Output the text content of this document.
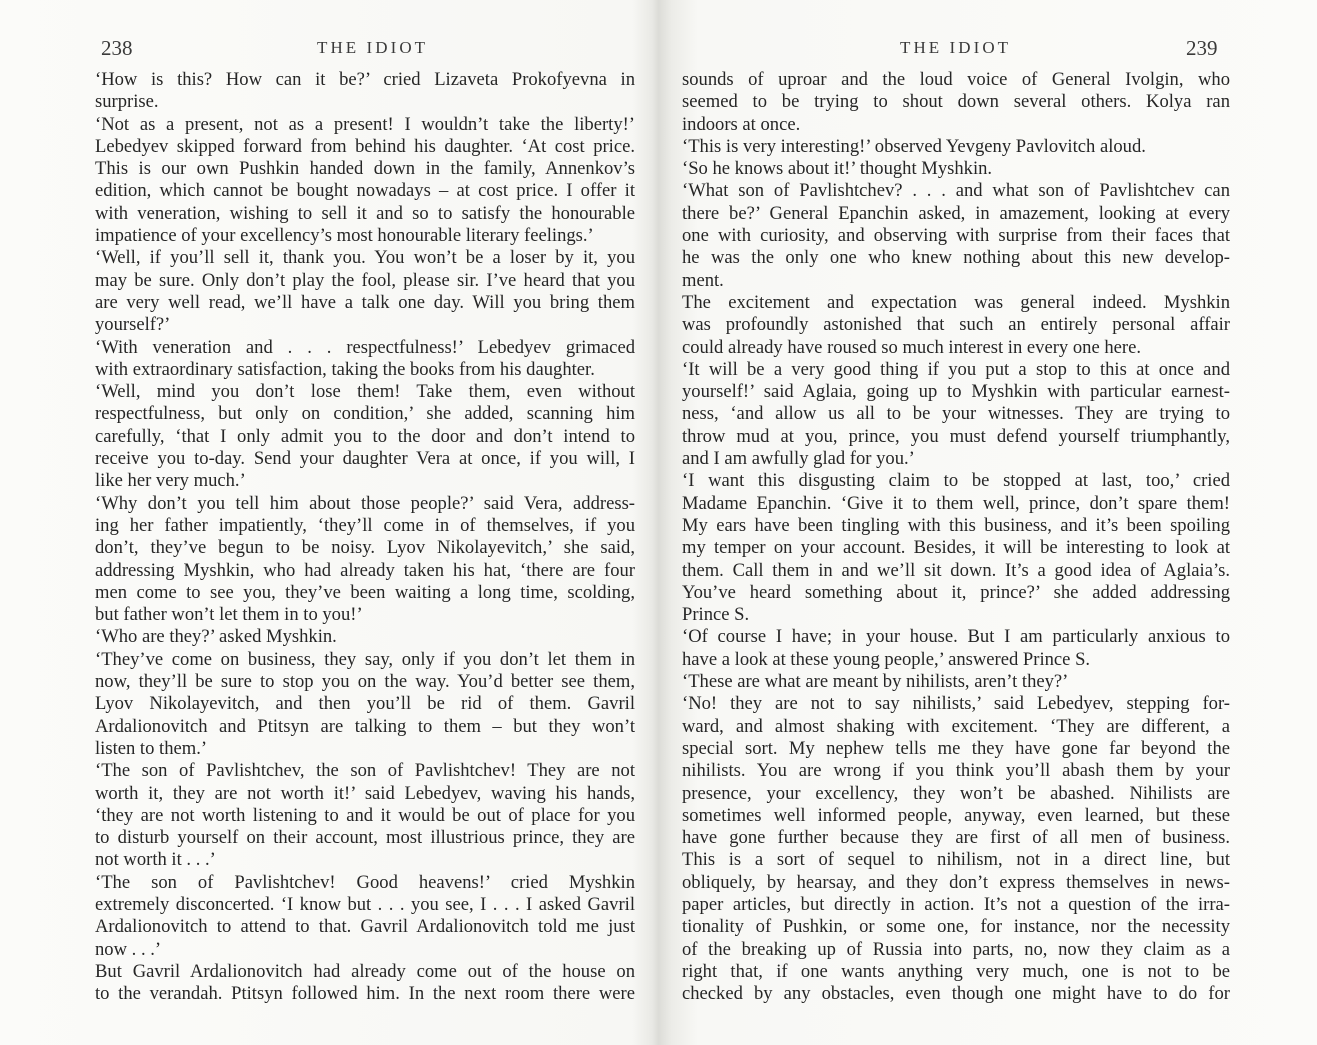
238	THE IDIOT
‘How is this? How can it be?’ cried Lizaveta Prokofyevna in
surprise.
‘Not as a present, not as a present! I wouldn’t take the liberty!’
Lebedyev skipped forward from behind his daughter. ‘At cost price.
This is our own Pushkin handed down in the family, Annenkov’s
edition, which cannot be bought nowadays – at cost price. I offer it
with veneration, wishing to sell it and so to satisfy the honourable
impatience of your excellency’s most honourable literary feelings.’
‘Well, if you’ll sell it, thank you. You won’t be a loser by it, you
may be sure. Only don’t play the fool, please sir. I’ve heard that you
are very well read, we’ll have a talk one day. Will you bring them
yourself?’
‘With veneration and . . . respectfulness!’ Lebedyev grimaced
with extraordinary satisfaction, taking the books from his daughter.
‘Well, mind you don’t lose them! Take them, even without
respectfulness, but only on condition,’ she added, scanning him
carefully, ‘that I only admit you to the door and don’t intend to
receive you to-day. Send your daughter Vera at once, if you will, I
like her very much.’
‘Why don’t you tell him about those people?’ said Vera, address-
ing her father impatiently, ‘they’ll come in of themselves, if you
don’t, they’ve begun to be noisy. Lyov Nikolayevitch,’ she said,
addressing Myshkin, who had already taken his hat, ‘there are four
men come to see you, they’ve been waiting a long time, scolding,
but father won’t let them in to you!’
‘Who are they?’ asked Myshkin.
‘They’ve come on business, they say, only if you don’t let them in
now, they’ll be sure to stop you on the way. You’d better see them,
Lyov Nikolayevitch, and then you’ll be rid of them. Gavril
Ardalionovitch and Ptitsyn are talking to them – but they won’t
listen to them.’
‘The son of Pavlishtchev, the son of Pavlishtchev! They are not
worth it, they are not worth it!’ said Lebedyev, waving his hands,
‘they are not worth listening to and it would be out of place for you
to disturb yourself on their account, most illustrious prince, they are
not worth it . . .’
‘The son of Pavlishtchev! Good heavens!’ cried Myshkin
extremely disconcerted. ‘I know but . . . you see, I . . . I asked Gavril
Ardalionovitch to attend to that. Gavril Ardalionovitch told me just
now . . .’
But Gavril Ardalionovitch had already come out of the house on
to the verandah. Ptitsyn followed him. In the next room there were
THE IDIOT	239
sounds of uproar and the loud voice of General Ivolgin, who
seemed to be trying to shout down several others. Kolya ran
indoors at once.
‘This is very interesting!’ observed Yevgeny Pavlovitch aloud.
‘So he knows about it!’ thought Myshkin.
‘What son of Pavlishtchev? . . . and what son of Pavlishtchev can
there be?’ General Epanchin asked, in amazement, looking at every
one with curiosity, and observing with surprise from their faces that
he was the only one who knew nothing about this new develop-
ment.
The excitement and expectation was general indeed. Myshkin
was profoundly astonished that such an entirely personal affair
could already have roused so much interest in every one here.
‘It will be a very good thing if you put a stop to this at once and
yourself!’ said Aglaia, going up to Myshkin with particular earnest-
ness, ‘and allow us all to be your witnesses. They are trying to
throw mud at you, prince, you must defend yourself triumphantly,
and I am awfully glad for you.’
‘I want this disgusting claim to be stopped at last, too,’ cried
Madame Epanchin. ‘Give it to them well, prince, don’t spare them!
My ears have been tingling with this business, and it’s been spoiling
my temper on your account. Besides, it will be interesting to look at
them. Call them in and we’ll sit down. It’s a good idea of Aglaia’s.
You’ve heard something about it, prince?’ she added addressing
Prince S.
‘Of course I have; in your house. But I am particularly anxious to
have a look at these young people,’ answered Prince S.
‘These are what are meant by nihilists, aren’t they?’
‘No! they are not to say nihilists,’ said Lebedyev, stepping for-
ward, and almost shaking with excitement. ‘They are different, a
special sort. My nephew tells me they have gone far beyond the
nihilists. You are wrong if you think you’ll abash them by your
presence, your excellency, they won’t be abashed. Nihilists are
sometimes well informed people, anyway, even learned, but these
have gone further because they are first of all men of business.
This is a sort of sequel to nihilism, not in a direct line, but
obliquely, by hearsay, and they don’t express themselves in news-
paper articles, but directly in action. It’s not a question of the irra-
tionality of Pushkin, or some one, for instance, nor the necessity
of the breaking up of Russia into parts, no, now they claim as a
right that, if one wants anything very much, one is not to be
checked by any obstacles, even though one might have to do for
